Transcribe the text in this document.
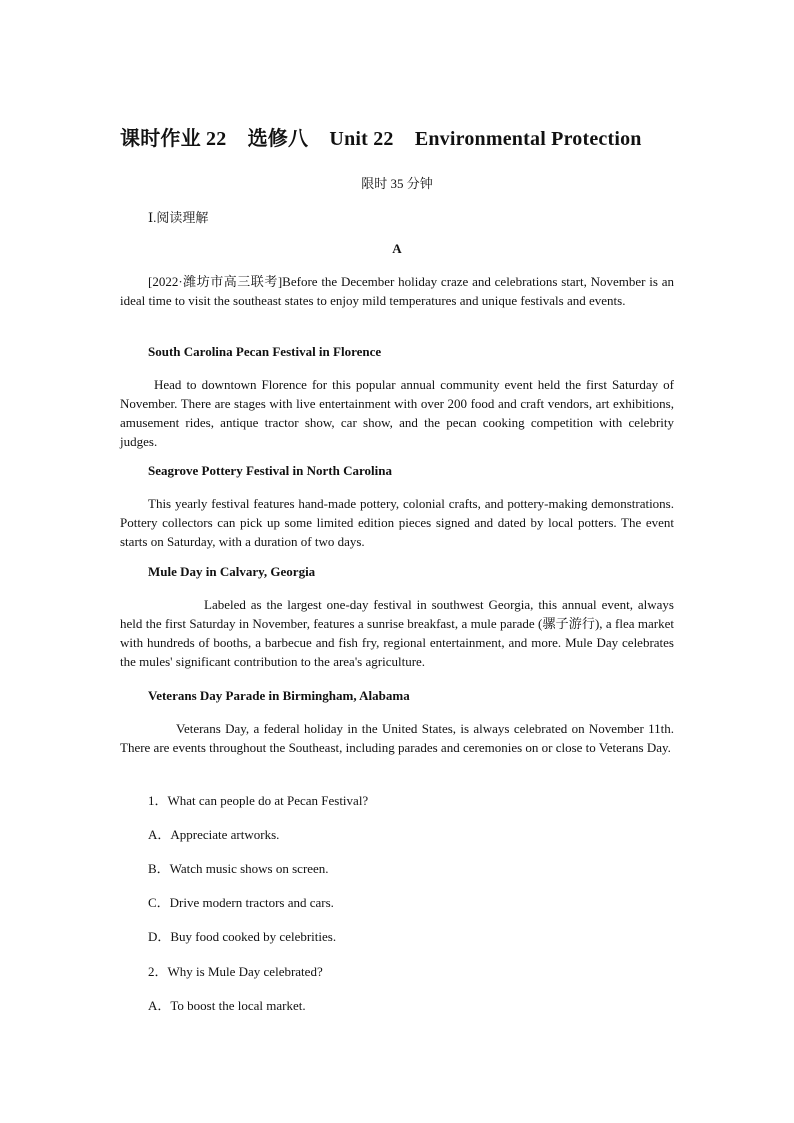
课时作业 22 选修八 Unit 22 Environmental Protection
限时 35 分钟
Ⅰ.阅读理解
A
[2022·潍坊市高三联考]Before the December holiday craze and celebrations start, November is an ideal time to visit the southeast states to enjoy mild temperatures and unique festivals and events.
South Carolina Pecan Festival in Florence
Head to downtown Florence for this popular annual community event held the first Saturday of November. There are stages with live entertainment with over 200 food and craft vendors, art exhibitions, amusement rides, antique tractor show, car show, and the pecan cooking competition with celebrity judges.
Seagrove Pottery Festival in North Carolina
This yearly festival features hand-made pottery, colonial crafts, and pottery-making demonstrations. Pottery collectors can pick up some limited edition pieces signed and dated by local potters. The event starts on Saturday, with a duration of two days.
Mule Day in Calvary, Georgia
Labeled as the largest one-day festival in southwest Georgia, this annual event, always held the first Saturday in November, features a sunrise breakfast, a mule parade (骡子游行), a flea market with hundreds of booths, a barbecue and fish fry, regional entertainment, and more. Mule Day celebrates the mules' significant contribution to the area's agriculture.
Veterans Day Parade in Birmingham, Alabama
Veterans Day, a federal holiday in the United States, is always celebrated on November 11th. There are events throughout the Southeast, including parades and ceremonies on or close to Veterans Day.
1．What can people do at Pecan Festival?
A．Appreciate artworks.
B．Watch music shows on screen.
C．Drive modern tractors and cars.
D．Buy food cooked by celebrities.
2．Why is Mule Day celebrated?
A．To boost the local market.
